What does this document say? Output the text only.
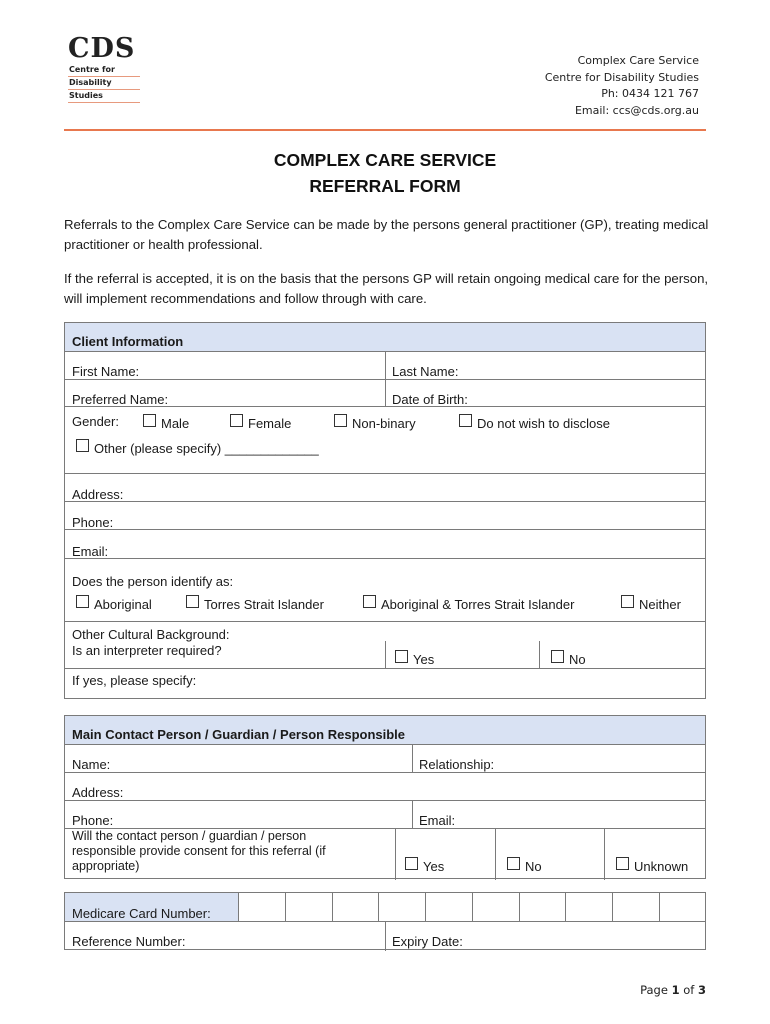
CDS
Centre for
Disability
Studies
Complex Care Service
Centre for Disability Studies
Ph: 0434 121 767
Email: ccs@cds.org.au
COMPLEX CARE SERVICE
REFERRAL FORM
Referrals to the Complex Care Service can be made by the persons general practitioner (GP), treating medical practitioner or health professional.
If the referral is accepted, it is on the basis that the persons GP will retain ongoing medical care for the person, will implement recommendations and follow through with care.
Client Information
First Name:	Last Name:
Preferred Name:	Date of Birth:
Gender:	Male	Female	Non-binary	Do not wish to disclose
Other (please specify) _____________
Address:
Phone:
Email:
Does the person identify as:
Aboriginal	Torres Strait Islander	Aboriginal & Torres Strait Islander	Neither
Other Cultural Background:
Is an interpreter required?
Yes	No
If yes, please specify:
Main Contact Person / Guardian / Person Responsible
Name:	Relationship:
Address:
Phone:	Email:
Will the contact person / guardian / person responsible provide consent for this referral (if appropriate)	Yes	No	Unknown
Medicare Card Number:
Reference Number:	Expiry Date:
Page 1 of 3
